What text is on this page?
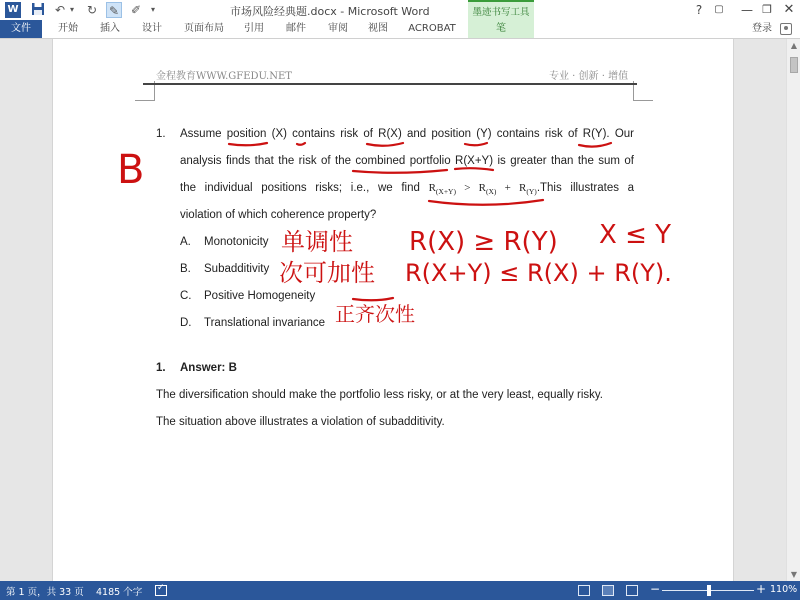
W	↶ ▾ ↻ ✎ ✐	▾	市场风险经典题.docx - Microsoft Word	墨迹书写工具	?	▢	— ❐ ✕
文件	开始	插入	设计	页面布局	引用	邮件	审阅	视图	ACROBAT	笔	登录
金程教育WWW.GFEDU.NET	专业 · 创新 · 增值
1. Assume position (X) contains risk of R(X) and position (Y) contains risk of R(Y). Our
analysis finds that the risk of the combined portfolio R(X+Y) is greater than the sum of
the individual positions risks; i.e., we find $R_{(X+Y)} > R_{(X)}$ + $R_{(Y)}.This$ illustrates a
violation of which coherence property?
A. Monotonicity
B. Subadditivity
C. Positive Homogeneity
D. Translational invariance
1. Answer: B
The diversification should make the portfolio less risky, or at the very least, equally risky.
The situation above illustrates a violation of subadditivity.
B
单调性 R(X) ≥ R(Y) X ≤ Y
次可加性 R(X+Y) ≤ R(X) + R(Y).
正齐次性
▲
▼
第 1 页，共 33 页 4185 个字 ✓	−	+ 110%
